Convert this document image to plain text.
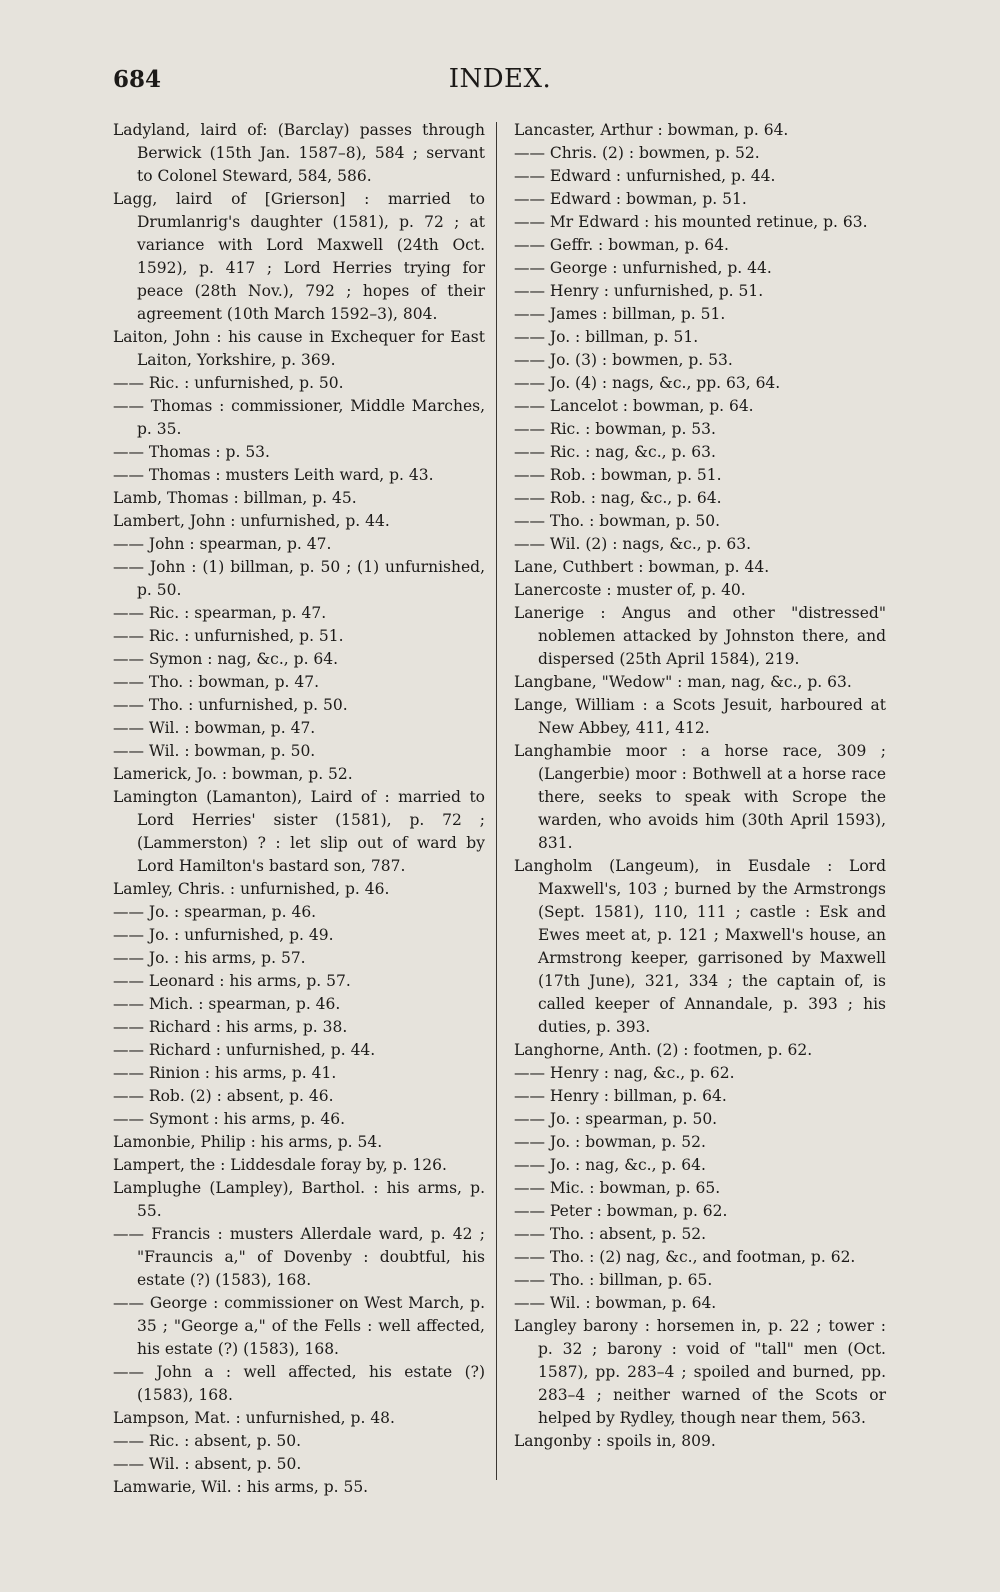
684	INDEX.

Ladyland, laird of: (Barclay) passes through Berwick (15th Jan. 1587–8), 584 ; servant to Colonel Steward, 584, 586.

Lagg, laird of [Grierson] : married to Drumlanrig's daughter (1581), p. 72 ; at variance with Lord Maxwell (24th Oct. 1592), p. 417 ; Lord Herries trying for peace (28th Nov.), 792 ; hopes of their agreement (10th March 1592–3), 804.

Laiton, John : his cause in Exchequer for East Laiton, Yorkshire, p. 369.

—— Ric. : unfurnished, p. 50.

—— Thomas : commissioner, Middle Marches, p. 35.

—— Thomas : p. 53.

—— Thomas : musters Leith ward, p. 43.

Lamb, Thomas : billman, p. 45.

Lambert, John : unfurnished, p. 44.

—— John : spearman, p. 47.

—— John : (1) billman, p. 50 ; (1) unfurnished, p. 50.

—— Ric. : spearman, p. 47.

—— Ric. : unfurnished, p. 51.

—— Symon : nag, &c., p. 64.

—— Tho. : bowman, p. 47.

—— Tho. : unfurnished, p. 50.

—— Wil. : bowman, p. 47.

—— Wil. : bowman, p. 50.

Lamerick, Jo. : bowman, p. 52.

Lamington (Lamanton), Laird of : married to Lord Herries' sister (1581), p. 72 ; (Lammerston) ? : let slip out of ward by Lord Hamilton's bastard son, 787.

Lamley, Chris. : unfurnished, p. 46.

—— Jo. : spearman, p. 46.

—— Jo. : unfurnished, p. 49.

—— Jo. : his arms, p. 57.

—— Leonard : his arms, p. 57.

—— Mich. : spearman, p. 46.

—— Richard : his arms, p. 38.

—— Richard : unfurnished, p. 44.

—— Rinion : his arms, p. 41.

—— Rob. (2) : absent, p. 46.

—— Symont : his arms, p. 46.

Lamonbie, Philip : his arms, p. 54.

Lampert, the : Liddesdale foray by, p. 126.

Lamplughe (Lampley), Barthol. : his arms, p. 55.

—— Francis : musters Allerdale ward, p. 42 ; "Fraunсis a," of Dovenby : doubtful, his estate (?) (1583), 168.

—— George : commissioner on West March, p. 35 ; "George a," of the Fells : well affected, his estate (?) (1583), 168.

—— John a : well affected, his estate (?) (1583), 168.

Lampson, Mat. : unfurnished, p. 48.

—— Ric. : absent, p. 50.

—— Wil. : absent, p. 50.

Lamwarie, Wil. : his arms, p. 55.

Lancaster, Arthur : bowman, p. 64.

—— Chris. (2) : bowmen, p. 52.

—— Edward : unfurnished, p. 44.

—— Edward : bowman, p. 51.

—— Mr Edward : his mounted retinue, p. 63.

—— Geffr. : bowman, p. 64.

—— George : unfurnished, p. 44.

—— Henry : unfurnished, p. 51.

—— James : billman, p. 51.

—— Jo. : billman, p. 51.

—— Jo. (3) : bowmen, p. 53.

—— Jo. (4) : nags, &c., pp. 63, 64.

—— Lancelot : bowman, p. 64.

—— Ric. : bowman, p. 53.

—— Ric. : nag, &c., p. 63.

—— Rob. : bowman, p. 51.

—— Rob. : nag, &c., p. 64.

—— Tho. : bowman, p. 50.

—— Wil. (2) : nags, &c., p. 63.

Lane, Cuthbert : bowman, p. 44.

Lanercoste : muster of, p. 40.

Lanerige : Angus and other "distressed" noblemen attacked by Johnston there, and dispersed (25th April 1584), 219.

Langbane, "Wedow" : man, nag, &c., p. 63.

Lange, William : a Scots Jesuit, harboured at New Abbey, 411, 412.

Langhambie moor : a horse race, 309 ; (Langerbie) moor : Bothwell at a horse race there, seeks to speak with Scrope the warden, who avoids him (30th April 1593), 831.

Langholm (Langeum), in Eusdale : Lord Maxwell's, 103 ; burned by the Armstrongs (Sept. 1581), 110, 111 ; castle : Esk and Ewes meet at, p. 121 ; Maxwell's house, an Armstrong keeper, garrisoned by Maxwell (17th June), 321, 334 ; the captain of, is called keeper of Annandale, p. 393 ; his duties, p. 393.

Langhorne, Anth. (2) : footmen, p. 62.

—— Henry : nag, &c., p. 62.

—— Henry : billman, p. 64.

—— Jo. : spearman, p. 50.

—— Jo. : bowman, p. 52.

—— Jo. : nag, &c., p. 64.

—— Mic. : bowman, p. 65.

—— Peter : bowman, p. 62.

—— Tho. : absent, p. 52.

—— Tho. : (2) nag, &c., and footman, p. 62.

—— Tho. : billman, p. 65.

—— Wil. : bowman, p. 64.

Langley barony : horsemen in, p. 22 ; tower : p. 32 ; barony : void of "tall" men (Oct. 1587), pp. 283–4 ; spoiled and burned, pp. 283–4 ; neither warned of the Scots or helped by Rydley, though near them, 563.

Langonby : spoils in, 809.
